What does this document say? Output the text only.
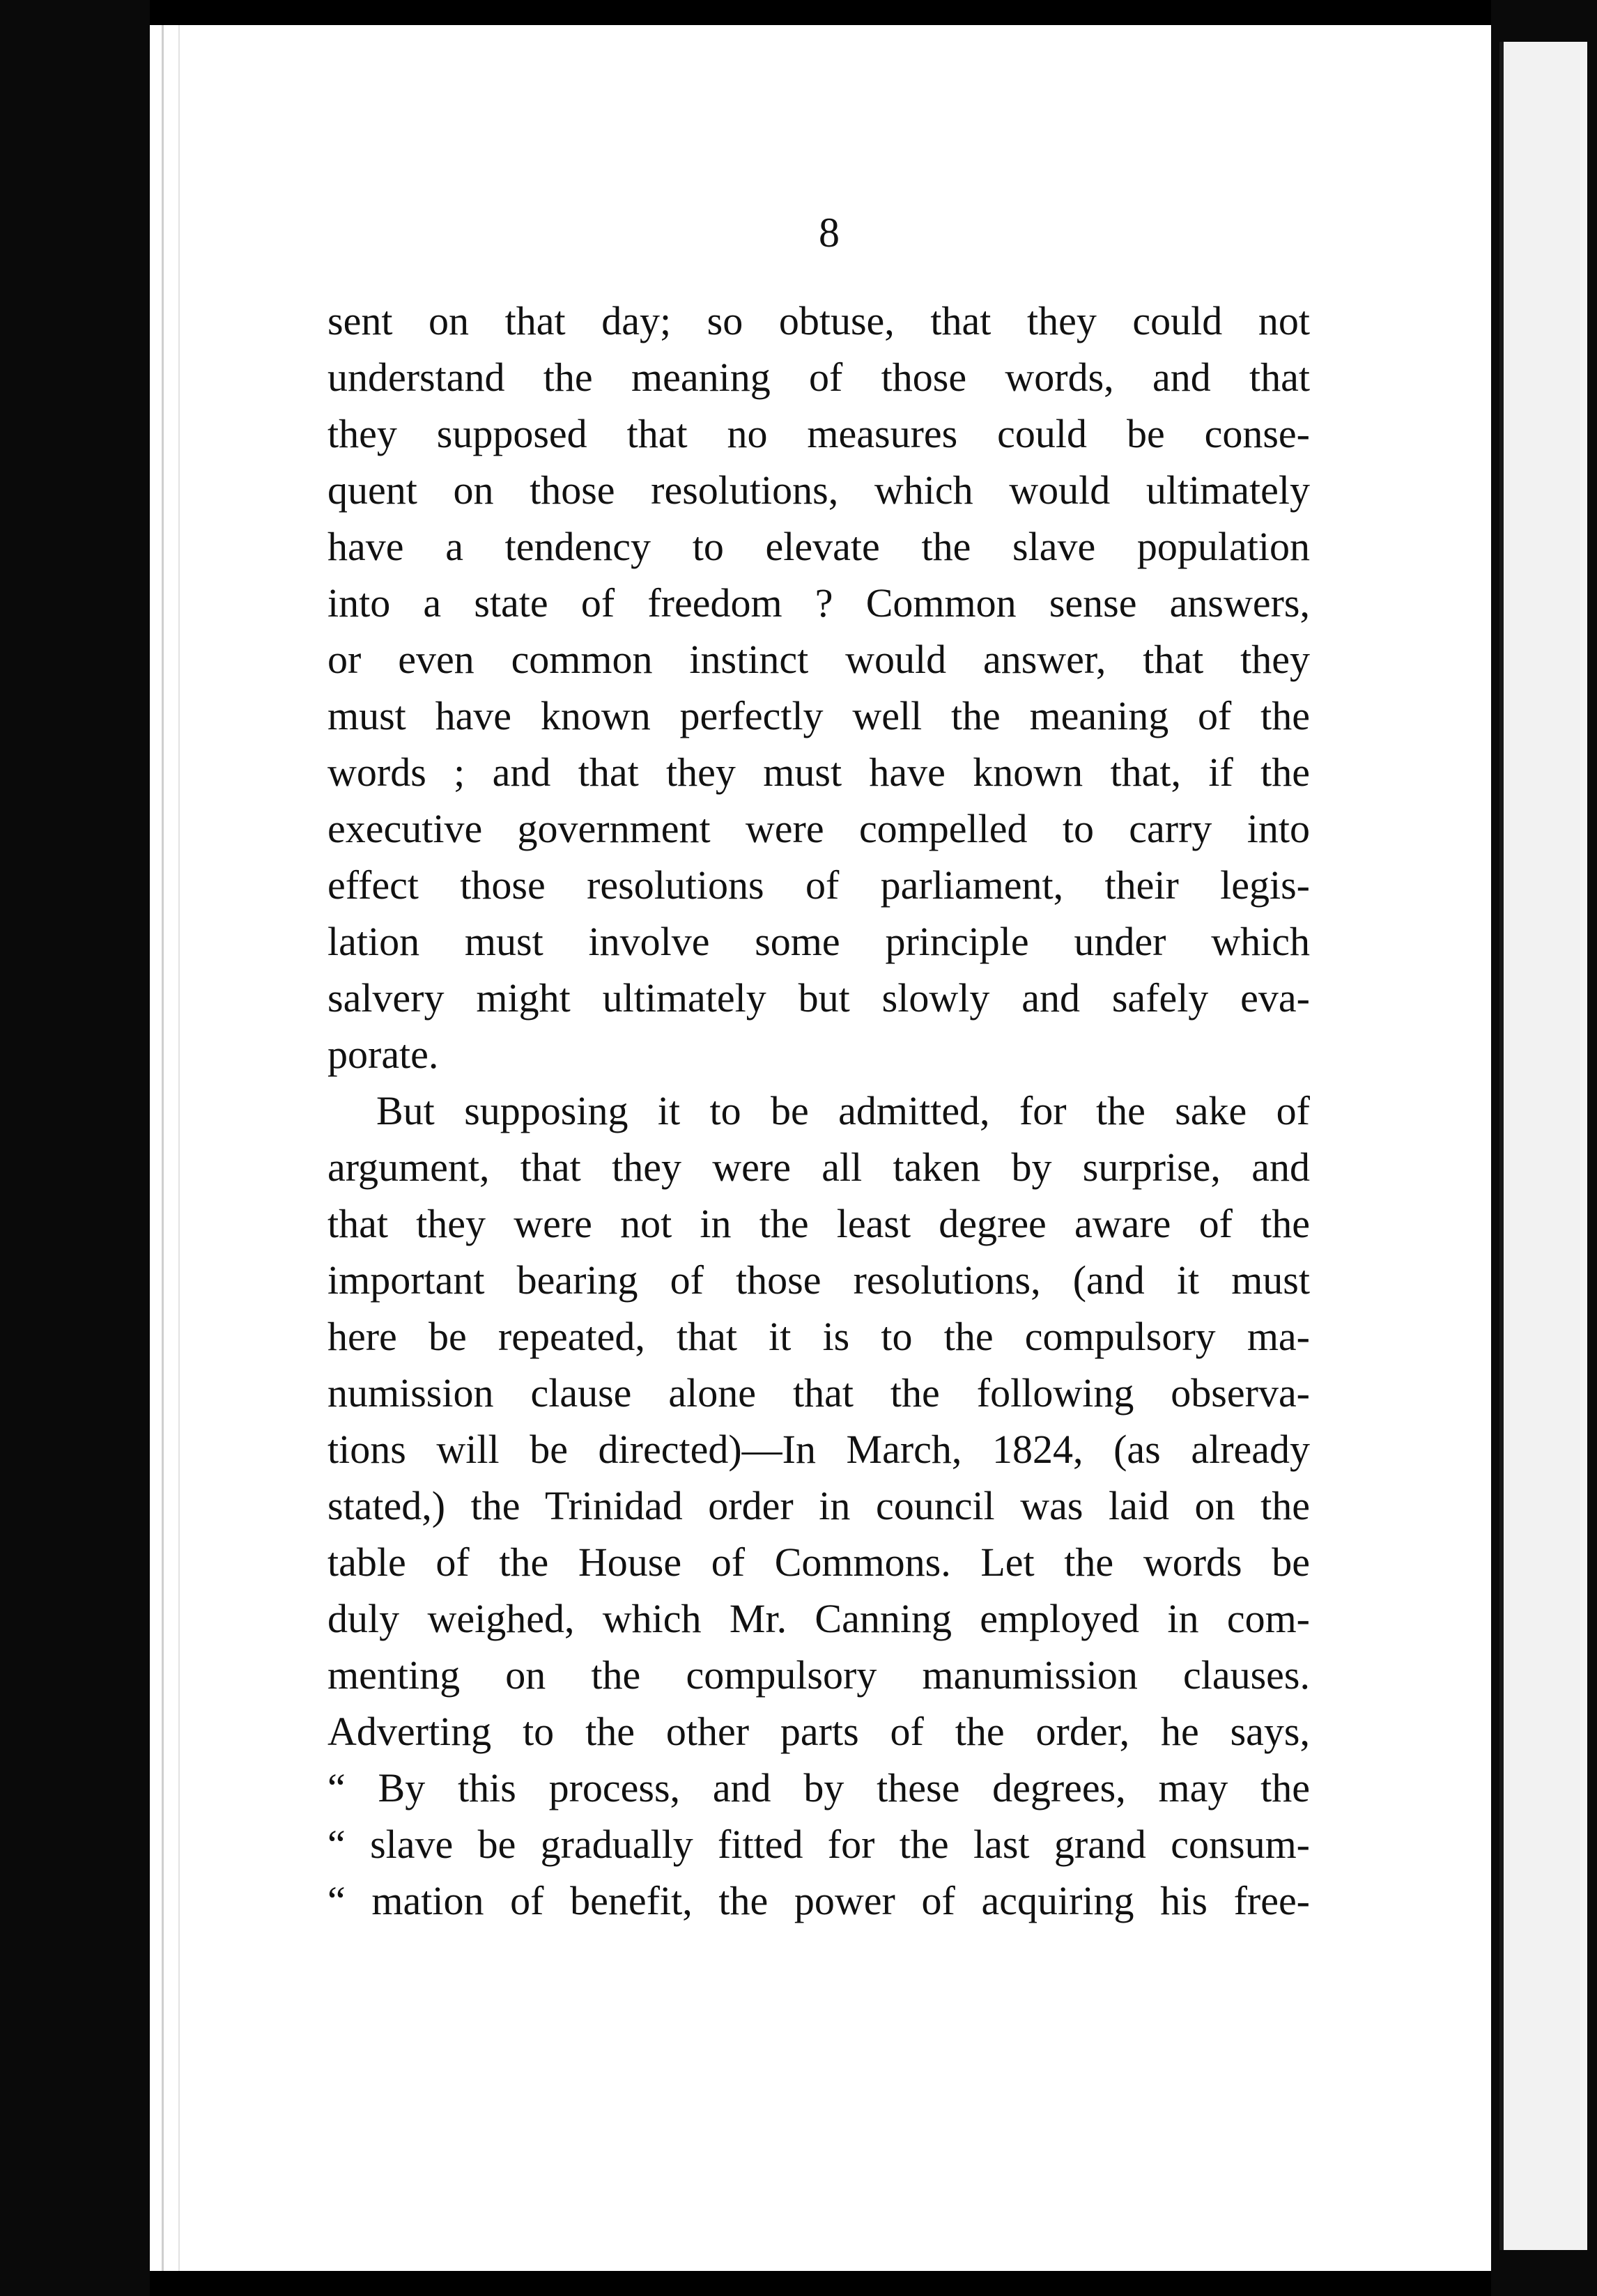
8
sent on that day; so obtuse, that they could not
understand the meaning of those words, and that
they supposed that no measures could be conse-
quent on those resolutions, which would ultimately
have a tendency to elevate the slave population
into a state of freedom ? Common sense answers,
or even common instinct would answer, that they
must have known perfectly well the meaning of the
words ; and that they must have known that, if the
executive government were compelled to carry into
effect those resolutions of parliament, their legis-
lation must involve some principle under which
salvery might ultimately but slowly and safely eva-
porate.
But supposing it to be admitted, for the sake of
argument, that they were all taken by surprise, and
that they were not in the least degree aware of the
important bearing of those resolutions, (and it must
here be repeated, that it is to the compulsory ma-
numission clause alone that the following observa-
tions will be directed)—In March, 1824, (as already
stated,) the Trinidad order in council was laid on the
table of the House of Commons. Let the words be
duly weighed, which Mr. Canning employed in com-
menting on the compulsory manumission clauses.
Adverting to the other parts of the order, he says,
“ By this process, and by these degrees, may the
“ slave be gradually fitted for the last grand consum-
“ mation of benefit, the power of acquiring his free-
